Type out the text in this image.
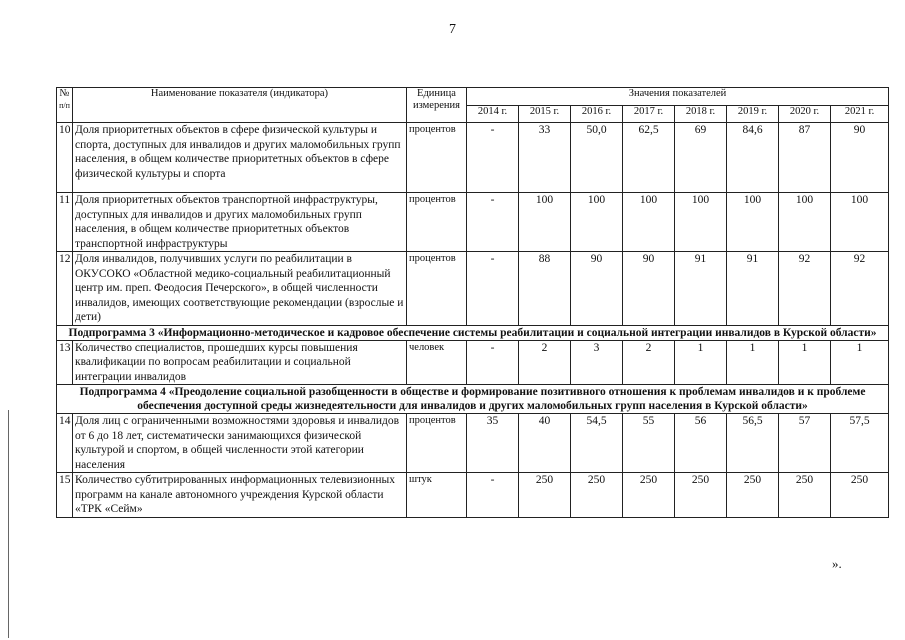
7
№
п/п	Наименование показателя (индикатора)	Единица измерения	Значения показателей							
			2014 г.	2015 г.	2016 г.	2017 г.	2018 г.	2019 г.	2020 г.	2021 г.
10	Доля приоритетных объектов в сфере физической культуры и спорта, доступных для инвалидов и других маломобильных групп населения, в общем количестве приоритетных объектов в сфере физической культуры и спорта	процентов	-	33	50,0	62,5	69	84,6	87	90
11	Доля приоритетных объектов транспортной инфраструктуры, доступных для инвалидов и других маломобильных групп населения, в общем количестве приоритетных объектов транспортной инфраструктуры	процентов	-	100	100	100	100	100	100	100
12	Доля инвалидов, получивших услуги по реабилитации в ОКУСОКО «Областной медико-социальный реабилитационный центр им. преп. Феодосия Печерского», в общей численности инвалидов, имеющих соответствующие рекомендации (взрослые и дети)	процентов	-	88	90	90	91	91	92	92
Подпрограмма 3 «Информационно-методическое и кадровое обеспечение системы реабилитации и социальной интеграции инвалидов в Курской области»										
13	Количество специалистов, прошедших курсы повышения квалификации по вопросам реабилитации и социальной интеграции инвалидов	человек	-	2	3	2	1	1	1	1
Подпрограмма 4 «Преодоление социальной разобщенности в обществе и формирование позитивного отношения к проблемам инвалидов и к проблеме обеспечения доступной среды жизнедеятельности для инвалидов и других маломобильных групп населения в Курской области»										
14	Доля лиц с ограниченными возможностями здоровья и инвалидов от 6 до 18 лет, систематически занимающихся физической культурой и спортом, в общей численности этой категории населения	процентов	35	40	54,5	55	56	56,5	57	57,5
15	Количество субтитрированных информационных телевизионных программ на канале автономного учреждения Курской области «ТРК «Сейм»	штук	-	250	250	250	250	250	250	250
».
